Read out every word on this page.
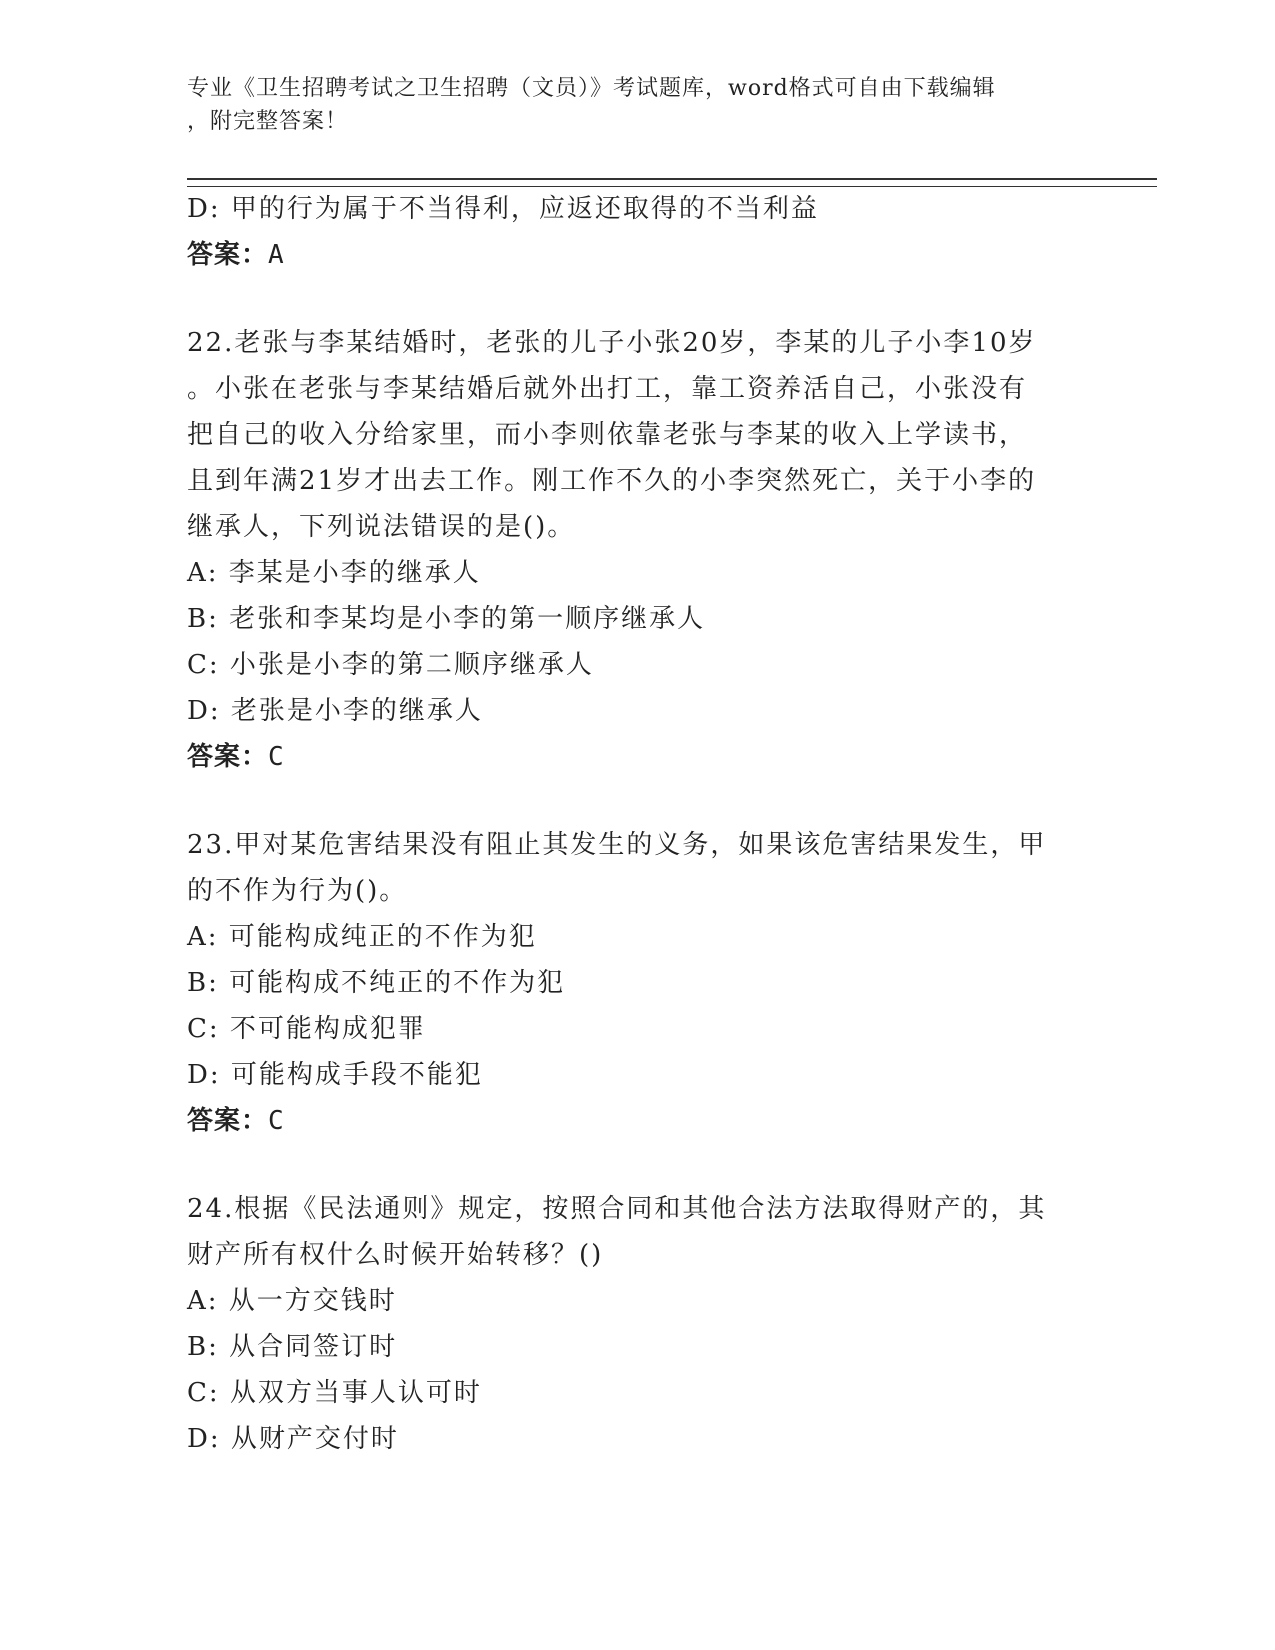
专业《卫生招聘考试之卫生招聘（文员）》考试题库，word格式可自由下载编辑
，附完整答案！
D: 甲的行为属于不当得利，应返还取得的不当利益
答案：A
22.老张与李某结婚时，老张的儿子小张20岁，李某的儿子小李10岁
。小张在老张与李某结婚后就外出打工，靠工资养活自己，小张没有
把自己的收入分给家里，而小李则依靠老张与李某的收入上学读书，
且到年满21岁才出去工作。刚工作不久的小李突然死亡，关于小李的
继承人，下列说法错误的是()。
A: 李某是小李的继承人
B: 老张和李某均是小李的第一顺序继承人
C: 小张是小李的第二顺序继承人
D: 老张是小李的继承人
答案：C
23.甲对某危害结果没有阻止其发生的义务，如果该危害结果发生，甲
的不作为行为()。
A: 可能构成纯正的不作为犯
B: 可能构成不纯正的不作为犯
C: 不可能构成犯罪
D: 可能构成手段不能犯
答案：C
24.根据《民法通则》规定，按照合同和其他合法方法取得财产的，其
财产所有权什么时候开始转移？()
A: 从一方交钱时
B: 从合同签订时
C: 从双方当事人认可时
D: 从财产交付时
